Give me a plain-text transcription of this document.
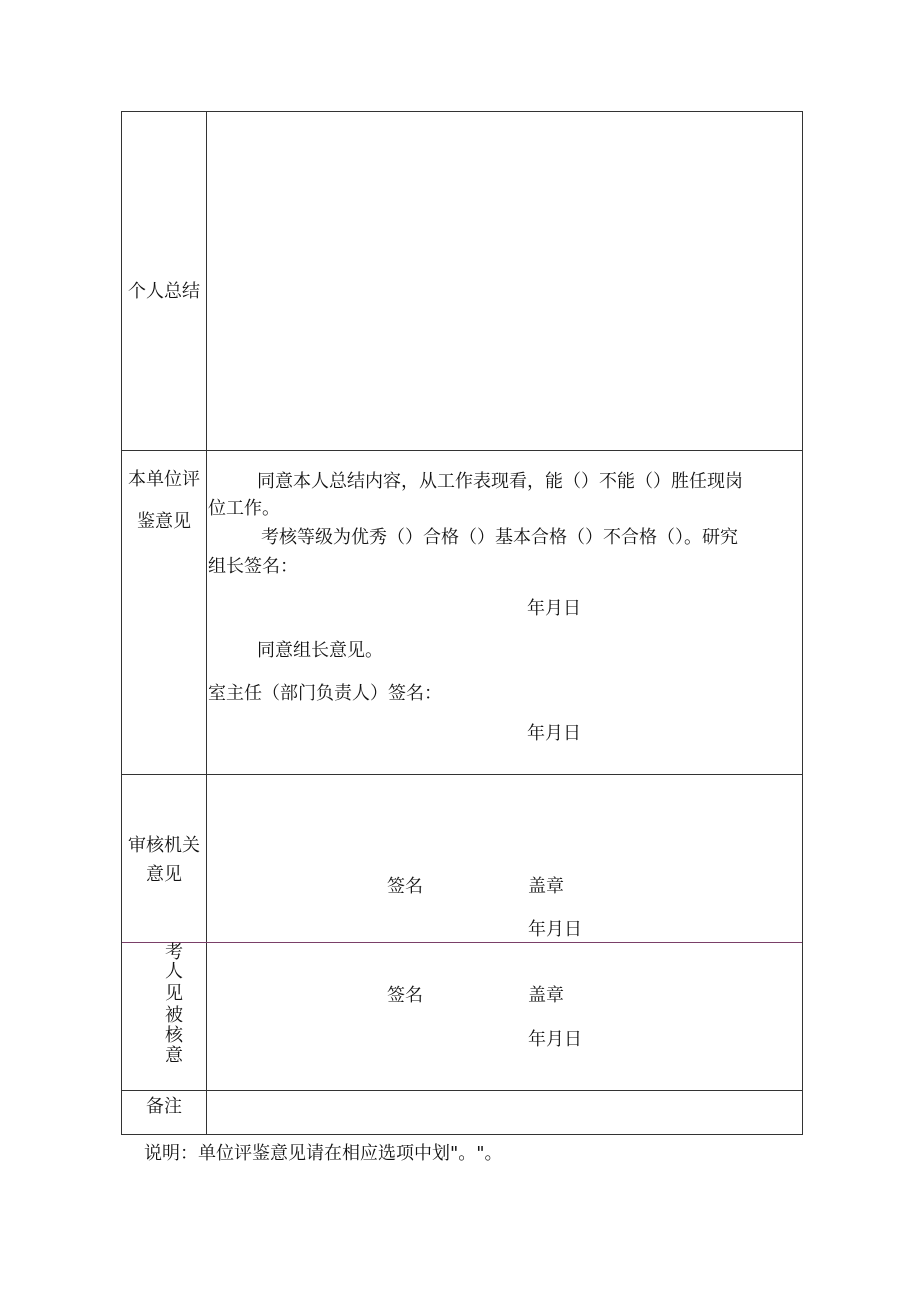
个人总结
本单位评
鉴意见
同意本人总结内容，从工作表现看，能（）不能（）胜任现岗
位工作。
考核等级为优秀（）合格（）基本合格（）不合格（）。研究
组长签名：
年月日
同意组长意见。
室主任（部门负责人）签名：
年月日
审核机关
意见
签名	盖章
年月日
考
人
见
被
核
意
签名	盖章
年月日
备注
说明：单位评鉴意见请在相应选项中划"。"。
